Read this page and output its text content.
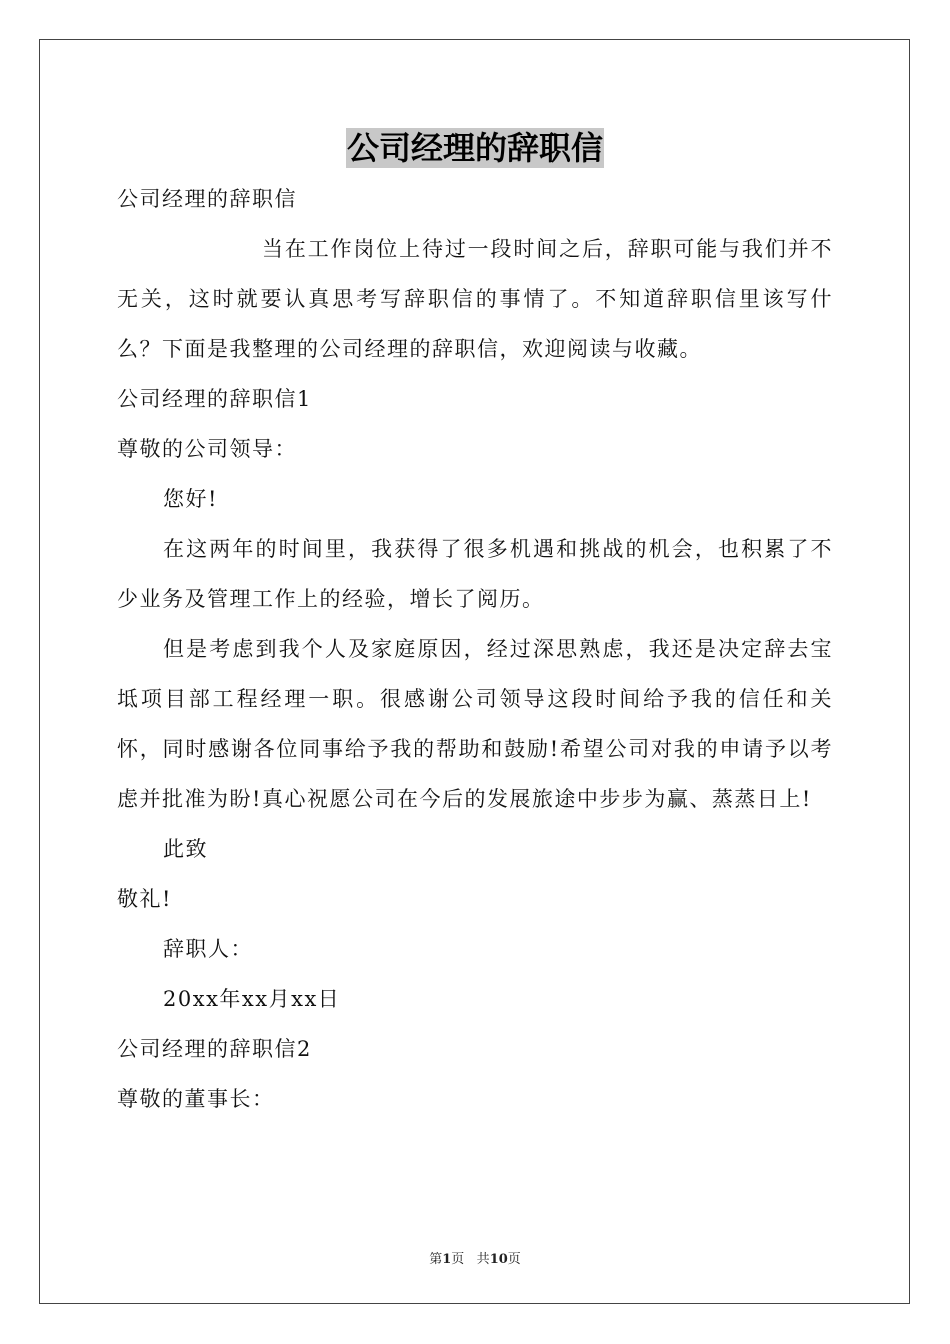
公司经理的辞职信

公司经理的辞职信

当在工作岗位上待过一段时间之后，辞职可能与我们并不无关，这时就要认真思考写辞职信的事情了。不知道辞职信里该写什么？下面是我整理的公司经理的辞职信，欢迎阅读与收藏。

公司经理的辞职信1

尊敬的公司领导：

您好!

在这两年的时间里，我获得了很多机遇和挑战的机会，也积累了不少业务及管理工作上的经验，增长了阅历。

但是考虑到我个人及家庭原因，经过深思熟虑，我还是决定辞去宝坻项目部工程经理一职。很感谢公司领导这段时间给予我的信任和关怀，同时感谢各位同事给予我的帮助和鼓励!希望公司对我的申请予以考虑并批准为盼!真心祝愿公司在今后的发展旅途中步步为赢、蒸蒸日上!

此致

敬礼!

辞职人：

20xx年xx月xx日

公司经理的辞职信2

尊敬的董事长：

第1页 共10页
